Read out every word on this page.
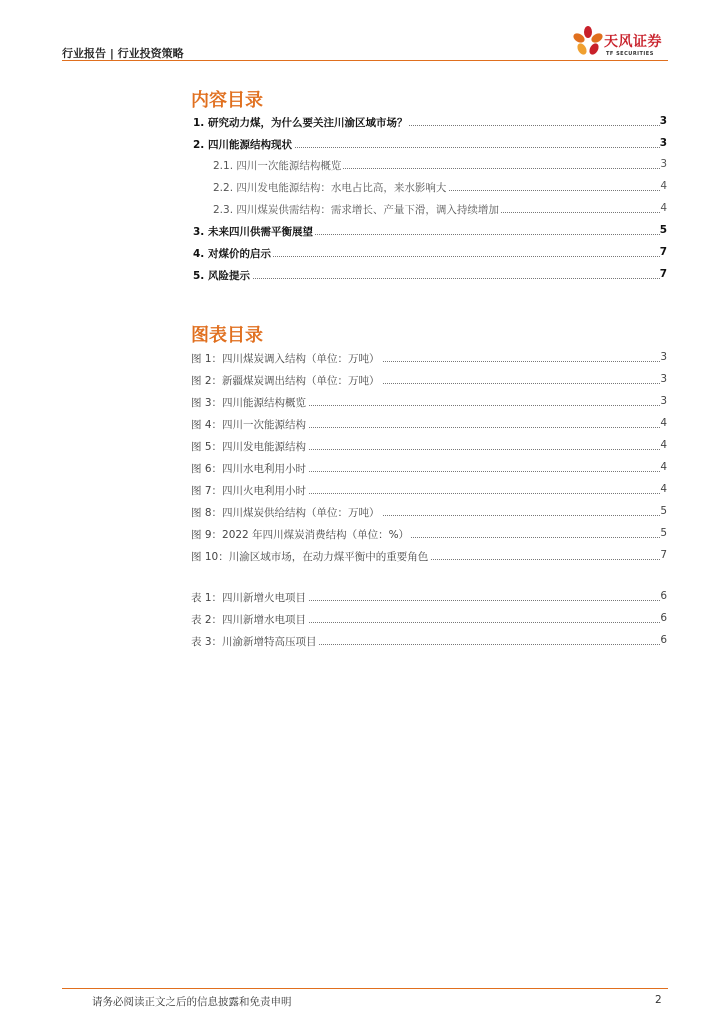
行业报告 | 行业投资策略
天风证券
TF SECURITIES
内容目录
1. 研究动力煤，为什么要关注川渝区域市场？	3
2. 四川能源结构现状	3
2.1. 四川一次能源结构概览	3
2.2. 四川发电能源结构：水电占比高，来水影响大	4
2.3. 四川煤炭供需结构：需求增长、产量下滑，调入持续增加	4
3. 未来四川供需平衡展望	5
4. 对煤价的启示	7
5. 风险提示	7
图表目录
图 1：四川煤炭调入结构（单位：万吨）	3
图 2：新疆煤炭调出结构（单位：万吨）	3
图 3：四川能源结构概览	3
图 4：四川一次能源结构	4
图 5：四川发电能源结构	4
图 6：四川水电利用小时	4
图 7：四川火电利用小时	4
图 8：四川煤炭供给结构（单位：万吨）	5
图 9：2022 年四川煤炭消费结构（单位：%）	5
图 10：川渝区域市场，在动力煤平衡中的重要角色	7
表 1：四川新增火电项目	6
表 2：四川新增水电项目	6
表 3：川渝新增特高压项目	6
请务必阅读正文之后的信息披露和免责申明	2
